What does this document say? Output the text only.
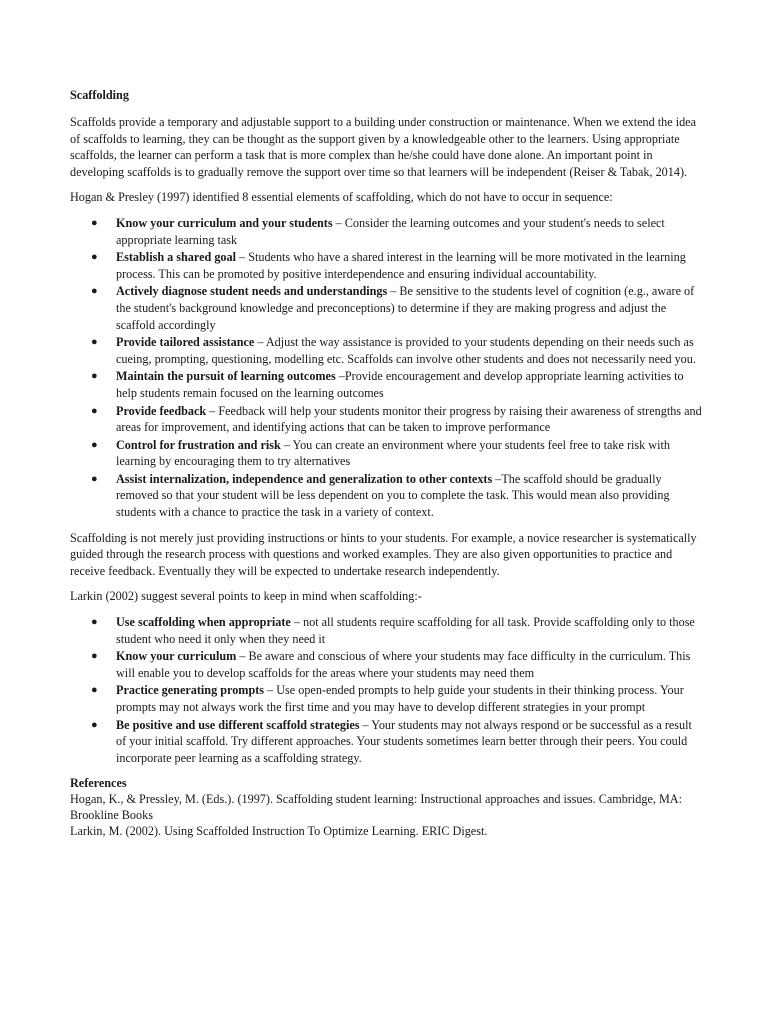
Scaffolding

Scaffolds provide a temporary and adjustable support to a building under construction or maintenance. When we extend the idea of scaffolds to learning, they can be thought as the support given by a knowledgeable other to the learners. Using appropriate scaffolds, the learner can perform a task that is more complex than he/she could have done alone. An important point in developing scaffolds is to gradually remove the support over time so that learners will be independent (Reiser & Tabak, 2014).

Hogan & Presley (1997) identified 8 essential elements of scaffolding, which do not have to occur in sequence:

● Know your curriculum and your students – Consider the learning outcomes and your student's needs to select appropriate learning task
● Establish a shared goal – Students who have a shared interest in the learning will be more motivated in the learning process. This can be promoted by positive interdependence and ensuring individual accountability.
● Actively diagnose student needs and understandings – Be sensitive to the students level of cognition (e.g., aware of the student's background knowledge and preconceptions) to determine if they are making progress and adjust the scaffold accordingly
● Provide tailored assistance – Adjust the way assistance is provided to your students depending on their needs such as cueing, prompting, questioning, modelling etc. Scaffolds can involve other students and does not necessarily need you.
● Maintain the pursuit of learning outcomes –Provide encouragement and develop appropriate learning activities to help students remain focused on the learning outcomes
● Provide feedback – Feedback will help your students monitor their progress by raising their awareness of strengths and areas for improvement, and identifying actions that can be taken to improve performance
● Control for frustration and risk – You can create an environment where your students feel free to take risk with learning by encouraging them to try alternatives
● Assist internalization, independence and generalization to other contexts –The scaffold should be gradually removed so that your student will be less dependent on you to complete the task. This would mean also providing students with a chance to practice the task in a variety of context.

Scaffolding is not merely just providing instructions or hints to your students. For example, a novice researcher is systematically guided through the research process with questions and worked examples. They are also given opportunities to practice and receive feedback. Eventually they will be expected to undertake research independently.

Larkin (2002) suggest several points to keep in mind when scaffolding:-

● Use scaffolding when appropriate – not all students require scaffolding for all task. Provide scaffolding only to those student who need it only when they need it
● Know your curriculum – Be aware and conscious of where your students may face difficulty in the curriculum. This will enable you to develop scaffolds for the areas where your students may need them
● Practice generating prompts – Use open-ended prompts to help guide your students in their thinking process. Your prompts may not always work the first time and you may have to develop different strategies in your prompt
● Be positive and use different scaffold strategies – Your students may not always respond or be successful as a result of your initial scaffold. Try different approaches. Your students sometimes learn better through their peers. You could incorporate peer learning as a scaffolding strategy.
References
Hogan, K., & Pressley, M. (Eds.). (1997). Scaffolding student learning: Instructional approaches and issues. Cambridge, MA: Brookline Books
Larkin, M. (2002). Using Scaffolded Instruction To Optimize Learning. ERIC Digest.
